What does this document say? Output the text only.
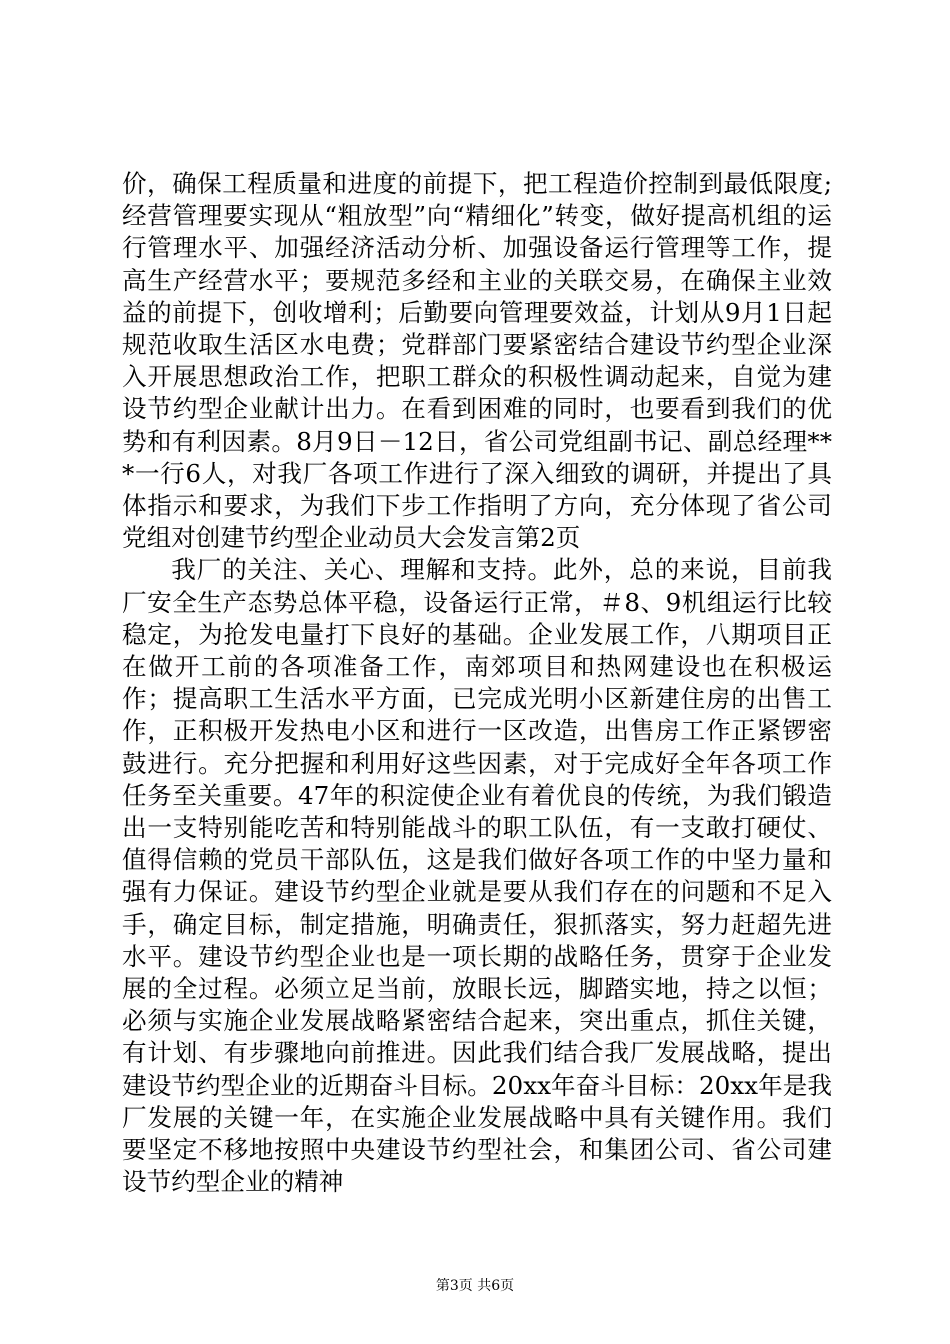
价，确保工程质量和进度的前提下，把工程造价控制到最低限度;经营管理要实现从“粗放型”向“精细化”转变，做好提高机组的运行管理水平、加强经济活动分析、加强设备运行管理等工作，提高生产经营水平；要规范多经和主业的关联交易，在确保主业效益的前提下，创收增利；后勤要向管理要效益，计划从9月1日起规范收取生活区水电费；党群部门要紧密结合建设节约型企业深入开展思想政治工作，把职工群众的积极性调动起来，自觉为建设节约型企业献计出力。在看到困难的同时，也要看到我们的优势和有利因素。8月9日－12日，省公司党组副书记、副总经理***一行6人，对我厂各项工作进行了深入细致的调研，并提出了具体指示和要求，为我们下步工作指明了方向，充分体现了省公司党组对创建节约型企业动员大会发言第2页

我厂的关注、关心、理解和支持。此外，总的来说，目前我厂安全生产态势总体平稳，设备运行正常，＃8、9机组运行比较稳定，为抢发电量打下良好的基础。企业发展工作，八期项目正在做开工前的各项准备工作，南郊项目和热网建设也在积极运作；提高职工生活水平方面，已完成光明小区新建住房的出售工作，正积极开发热电小区和进行一区改造，出售房工作正紧锣密鼓进行。充分把握和利用好这些因素，对于完成好全年各项工作任务至关重要。47年的积淀使企业有着优良的传统，为我们锻造出一支特别能吃苦和特别能战斗的职工队伍，有一支敢打硬仗、值得信赖的党员干部队伍，这是我们做好各项工作的中坚力量和强有力保证。建设节约型企业就是要从我们存在的问题和不足入手，确定目标，制定措施，明确责任，狠抓落实，努力赶超先进水平。建设节约型企业也是一项长期的战略任务，贯穿于企业发展的全过程。必须立足当前，放眼长远，脚踏实地，持之以恒；必须与实施企业发展战略紧密结合起来，突出重点，抓住关键，有计划、有步骤地向前推进。因此我们结合我厂发展战略，提出建设节约型企业的近期奋斗目标。20xx年奋斗目标：20xx年是我厂发展的关键一年，在实施企业发展战略中具有关键作用。我们要坚定不移地按照中央建设节约型社会，和集团公司、省公司建设节约型企业的精神

第3页 共6页
